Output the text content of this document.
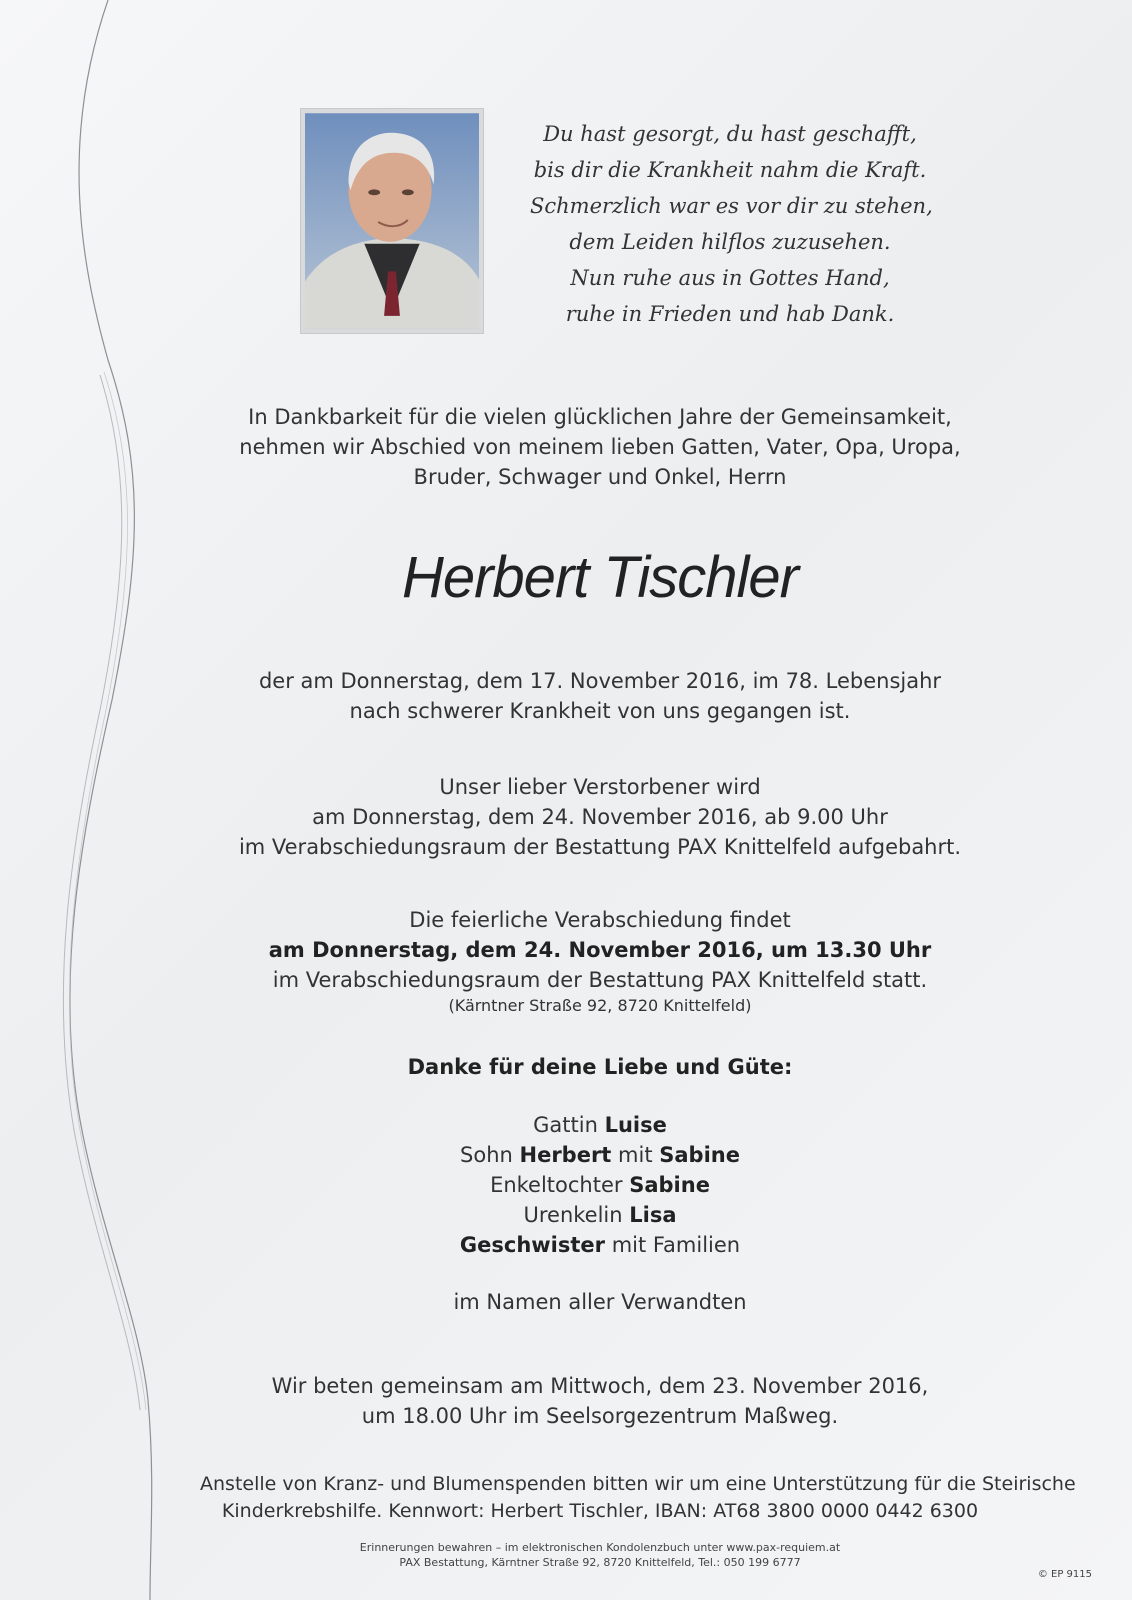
Du hast gesorgt, du hast geschafft,
bis dir die Krankheit nahm die Kraft.
Schmerzlich war es vor dir zu stehen,
dem Leiden hilflos zuzusehen.
Nun ruhe aus in Gottes Hand,
ruhe in Frieden und hab Dank.
In Dankbarkeit für die vielen glücklichen Jahre der Gemeinsamkeit,
nehmen wir Abschied von meinem lieben Gatten, Vater, Opa, Uropa,
Bruder, Schwager und Onkel, Herrn
Herbert Tischler
der am Donnerstag, dem 17. November 2016, im 78. Lebensjahr
nach schwerer Krankheit von uns gegangen ist.
Unser lieber Verstorbener wird
am Donnerstag, dem 24. November 2016, ab 9.00 Uhr
im Verabschiedungsraum der Bestattung PAX Knittelfeld aufgebahrt.
Die feierliche Verabschiedung findet
am Donnerstag, dem 24. November 2016, um 13.30 Uhr
im Verabschiedungsraum der Bestattung PAX Knittelfeld statt.
(Kärntner Straße 92, 8720 Knittelfeld)
Danke für deine Liebe und Güte:
Gattin Luise
Sohn Herbert mit Sabine
Enkeltochter Sabine
Urenkelin Lisa
Geschwister mit Familien
im Namen aller Verwandten
Wir beten gemeinsam am Mittwoch, dem 23. November 2016,
um 18.00 Uhr im Seelsorgezentrum Maßweg.
Anstelle von Kranz- und Blumenspenden bitten wir um eine Unterstützung für die Steirische
Kinderkrebshilfe. Kennwort: Herbert Tischler, IBAN: AT68 3800 0000 0442 6300
Erinnerungen bewahren – im elektronischen Kondolenzbuch unter www.pax-requiem.at
PAX Bestattung, Kärntner Straße 92, 8720 Knittelfeld, Tel.: 050 199 6777
© EP 9115
